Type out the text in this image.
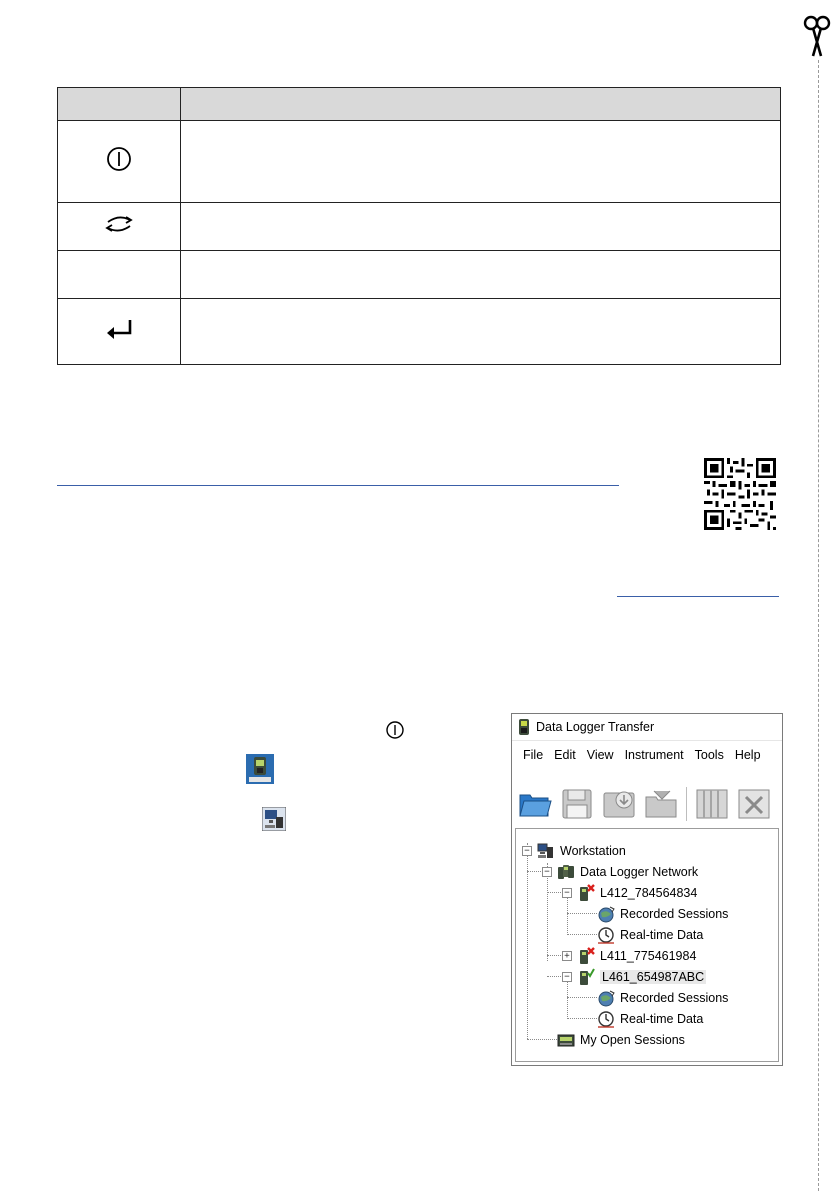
Data Logger Transfer
File Edit View Instrument Tools Help
−
−
−
+
−
Workstation
Data Logger Network
L412_784564834
Recorded Sessions
Real-time Data
L411_775461984
L461_654987ABC
Recorded Sessions
Real-time Data
My Open Sessions
